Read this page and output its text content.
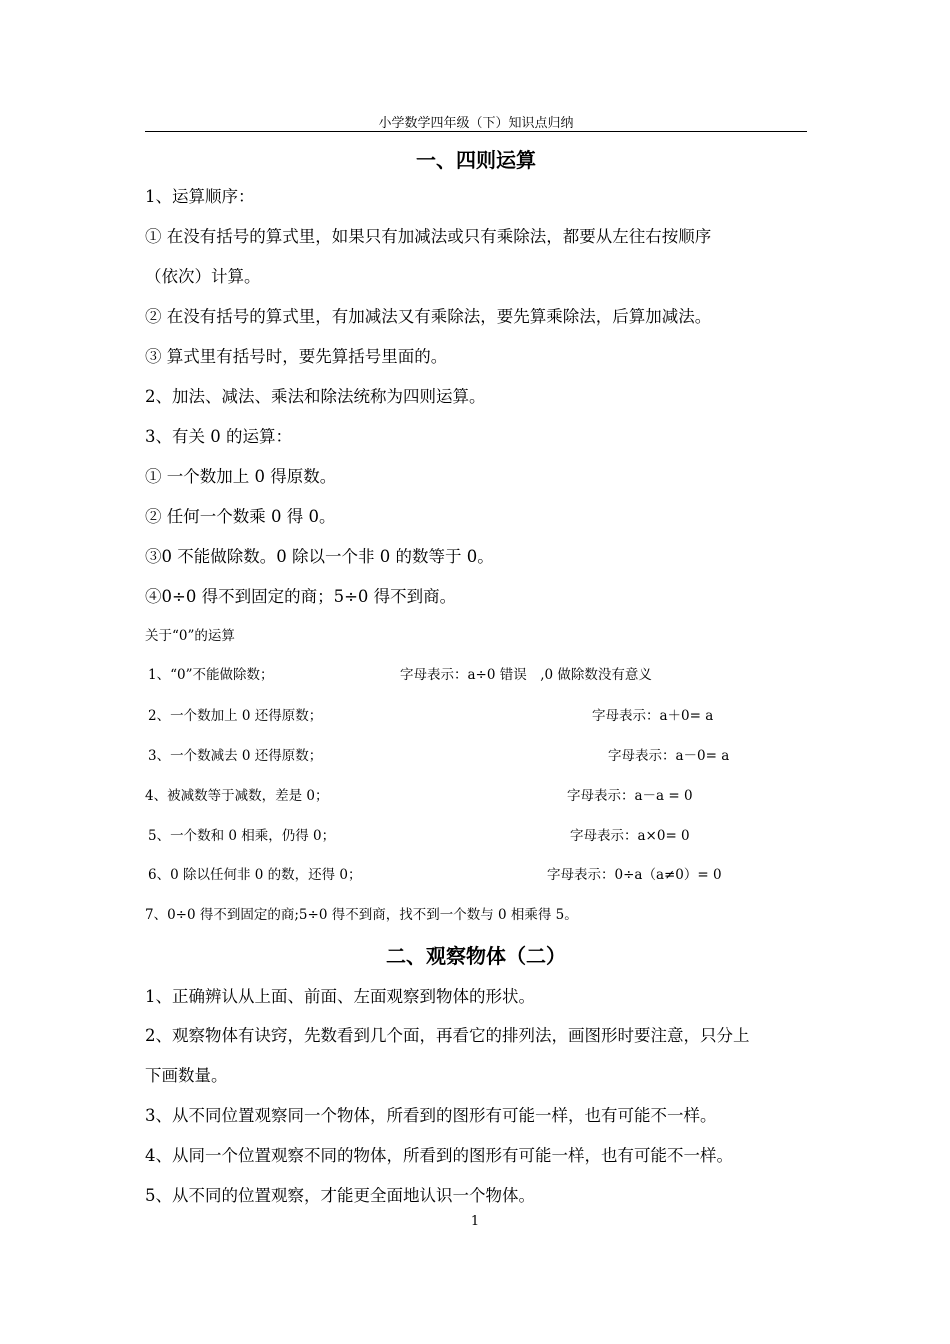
小学数学四年级（下）知识点归纳
一、四则运算
1、运算顺序：
① 在没有括号的算式里，如果只有加减法或只有乘除法，都要从左往右按顺序
（依次）计算。
② 在没有括号的算式里，有加减法又有乘除法，要先算乘除法，后算加减法。
③ 算式里有括号时，要先算括号里面的。
2、加法、减法、乘法和除法统称为四则运算。
3、有关 0 的运算：
① 一个数加上 0 得原数。
② 任何一个数乘 0 得 0。
③0 不能做除数。0 除以一个非 0 的数等于 0。
④0÷0 得不到固定的商；5÷0 得不到商。
关于“0”的运算
1、“0”不能做除数；	字母表示：a÷0 错误　,0 做除数没有意义
2、一个数加上 0 还得原数；	字母表示：a＋0= a
3、一个数减去 0 还得原数；	字母表示：a－0= a
4、被减数等于减数，差是 0；	字母表示：a－a = 0
5、一个数和 0 相乘，仍得 0；	字母表示：a×0= 0
6、0 除以任何非 0 的数，还得 0；	字母表示：0÷a（a≠0）= 0
7、0÷0 得不到固定的商;5÷0 得不到商，找不到一个数与 0 相乘得 5。
二、观察物体（二）
1、正确辨认从上面、前面、左面观察到物体的形状。
2、观察物体有诀窍，先数看到几个面，再看它的排列法，画图形时要注意，只分上
下画数量。
3、从不同位置观察同一个物体，所看到的图形有可能一样，也有可能不一样。
4、从同一个位置观察不同的物体，所看到的图形有可能一样，也有可能不一样。
5、从不同的位置观察，才能更全面地认识一个物体。
1
